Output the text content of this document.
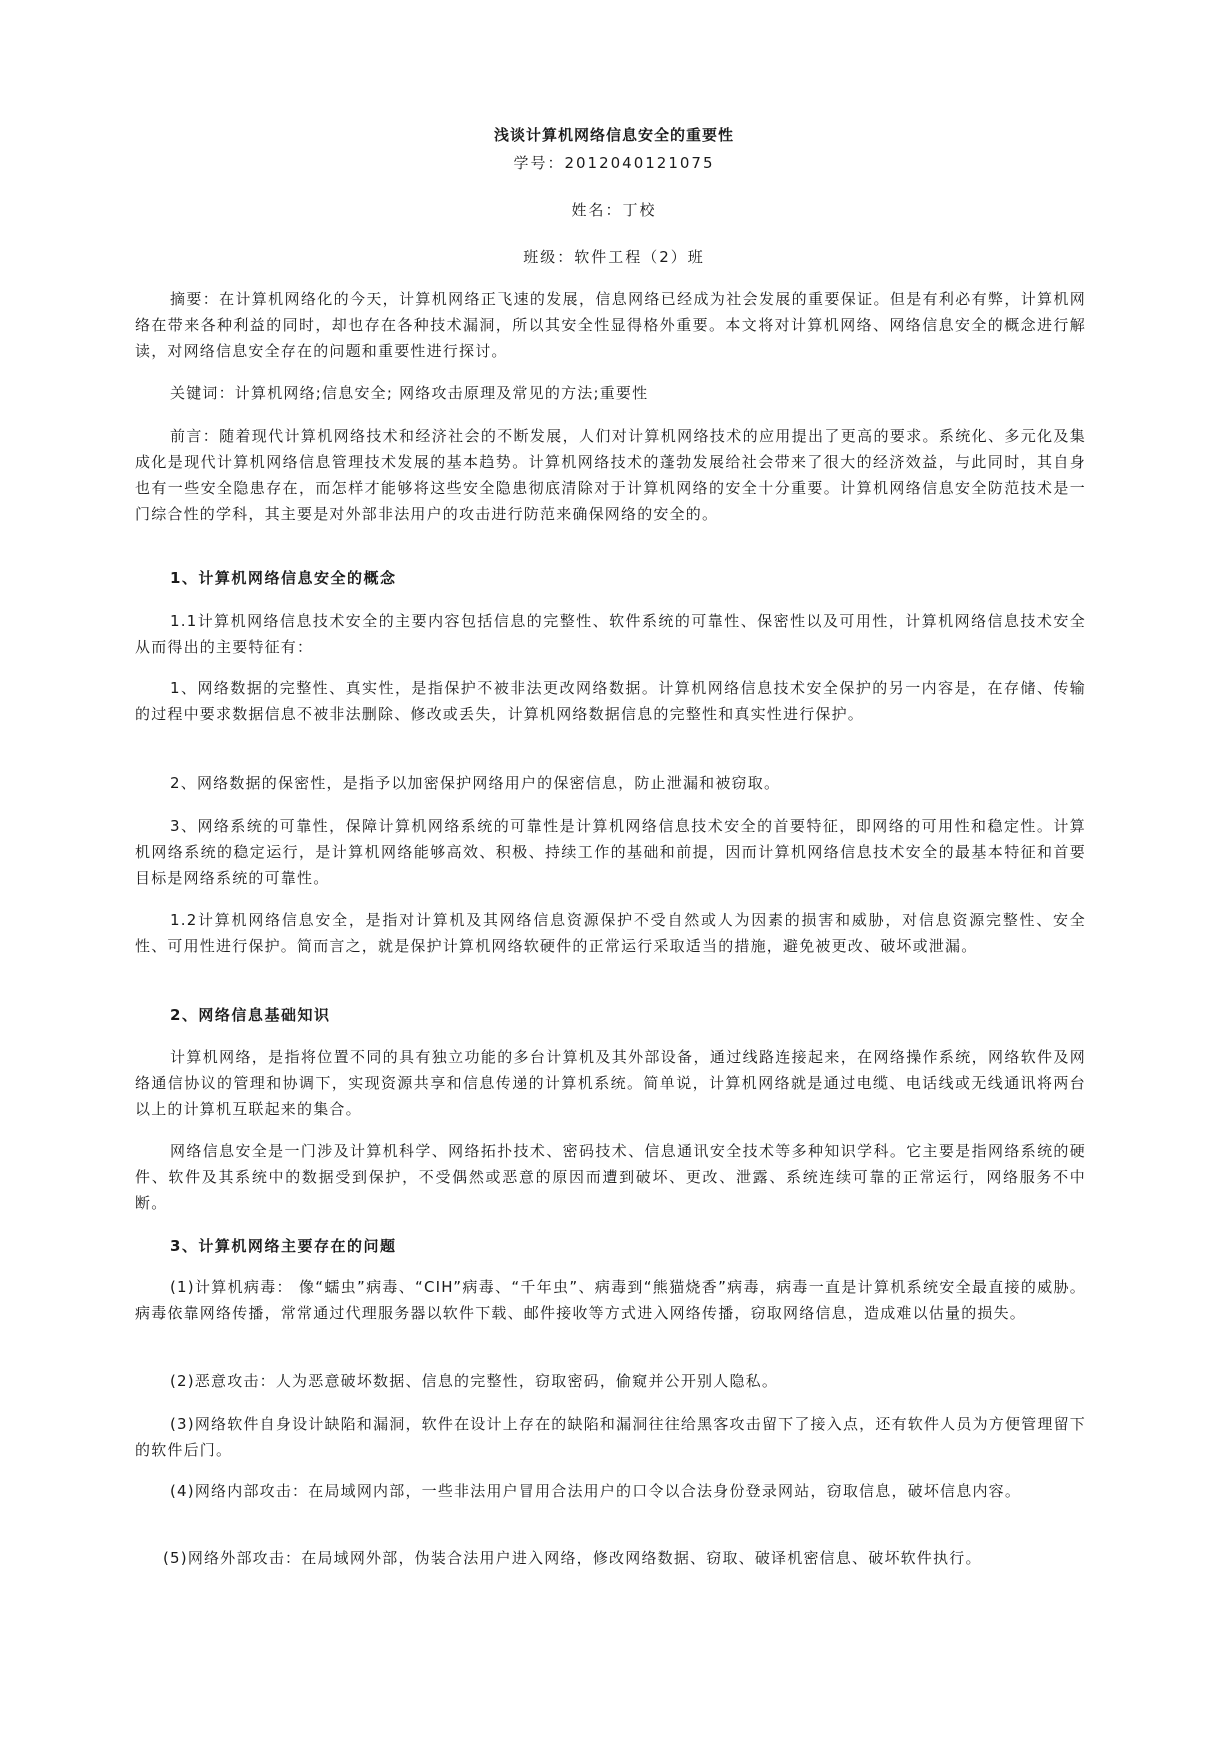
浅谈计算机网络信息安全的重要性
学号：2012040121075
姓名：丁校
班级：软件工程（2）班

摘要：在计算机网络化的今天，计算机网络正飞速的发展，信息网络已经成为社会发展的重要保证。但是有利必有弊，计算机网络在带来各种利益的同时，却也存在各种技术漏洞，所以其安全性显得格外重要。本文将对计算机网络、网络信息安全的概念进行解读，对网络信息安全存在的问题和重要性进行探讨。

关键词：计算机网络;信息安全; 网络攻击原理及常见的方法;重要性

前言：随着现代计算机网络技术和经济社会的不断发展，人们对计算机网络技术的应用提出了更高的要求。系统化、多元化及集成化是现代计算机网络信息管理技术发展的基本趋势。计算机网络技术的蓬勃发展给社会带来了很大的经济效益，与此同时，其自身也有一些安全隐患存在，而怎样才能够将这些安全隐患彻底清除对于计算机网络的安全十分重要。计算机网络信息安全防范技术是一门综合性的学科，其主要是对外部非法用户的攻击进行防范来确保网络的安全的。

1、计算机网络信息安全的概念

1.1计算机网络信息技术安全的主要内容包括信息的完整性、软件系统的可靠性、保密性以及可用性，计算机网络信息技术安全从而得出的主要特征有：

1、网络数据的完整性、真实性，是指保护不被非法更改网络数据。计算机网络信息技术安全保护的另一内容是，在存储、传输的过程中要求数据信息不被非法删除、修改或丢失，计算机网络数据信息的完整性和真实性进行保护。

2、网络数据的保密性，是指予以加密保护网络用户的保密信息，防止泄漏和被窃取。

3、网络系统的可靠性，保障计算机网络系统的可靠性是计算机网络信息技术安全的首要特征，即网络的可用性和稳定性。计算机网络系统的稳定运行，是计算机网络能够高效、积极、持续工作的基础和前提，因而计算机网络信息技术安全的最基本特征和首要目标是网络系统的可靠性。

1.2计算机网络信息安全，是指对计算机及其网络信息资源保护不受自然或人为因素的损害和威胁，对信息资源完整性、安全性、可用性进行保护。简而言之，就是保护计算机网络软硬件的正常运行采取适当的措施，避免被更改、破坏或泄漏。

2、网络信息基础知识

计算机网络，是指将位置不同的具有独立功能的多台计算机及其外部设备，通过线路连接起来，在网络操作系统，网络软件及网络通信协议的管理和协调下，实现资源共享和信息传递的计算机系统。简单说，计算机网络就是通过电缆、电话线或无线通讯将两台以上的计算机互联起来的集合。

网络信息安全是一门涉及计算机科学、网络拓扑技术、密码技术、信息通讯安全技术等多种知识学科。它主要是指网络系统的硬件、软件及其系统中的数据受到保护，不受偶然或恶意的原因而遭到破坏、更改、泄露、系统连续可靠的正常运行，网络服务不中断。

3、计算机网络主要存在的问题

(1)计算机病毒： 像“蠕虫”病毒、“CIH”病毒、“千年虫”、病毒到“熊猫烧香”病毒，病毒一直是计算机系统安全最直接的威胁。病毒依靠网络传播，常常通过代理服务器以软件下载、邮件接收等方式进入网络传播，窃取网络信息，造成难以估量的损失。

(2)恶意攻击：人为恶意破坏数据、信息的完整性，窃取密码，偷窥并公开别人隐私。

(3)网络软件自身设计缺陷和漏洞，软件在设计上存在的缺陷和漏洞往往给黑客攻击留下了接入点，还有软件人员为方便管理留下的软件后门。

(4)网络内部攻击：在局域网内部，一些非法用户冒用合法用户的口令以合法身份登录网站，窃取信息，破坏信息内容。

(5)网络外部攻击：在局域网外部，伪装合法用户进入网络，修改网络数据、窃取、破译机密信息、破坏软件执行。
